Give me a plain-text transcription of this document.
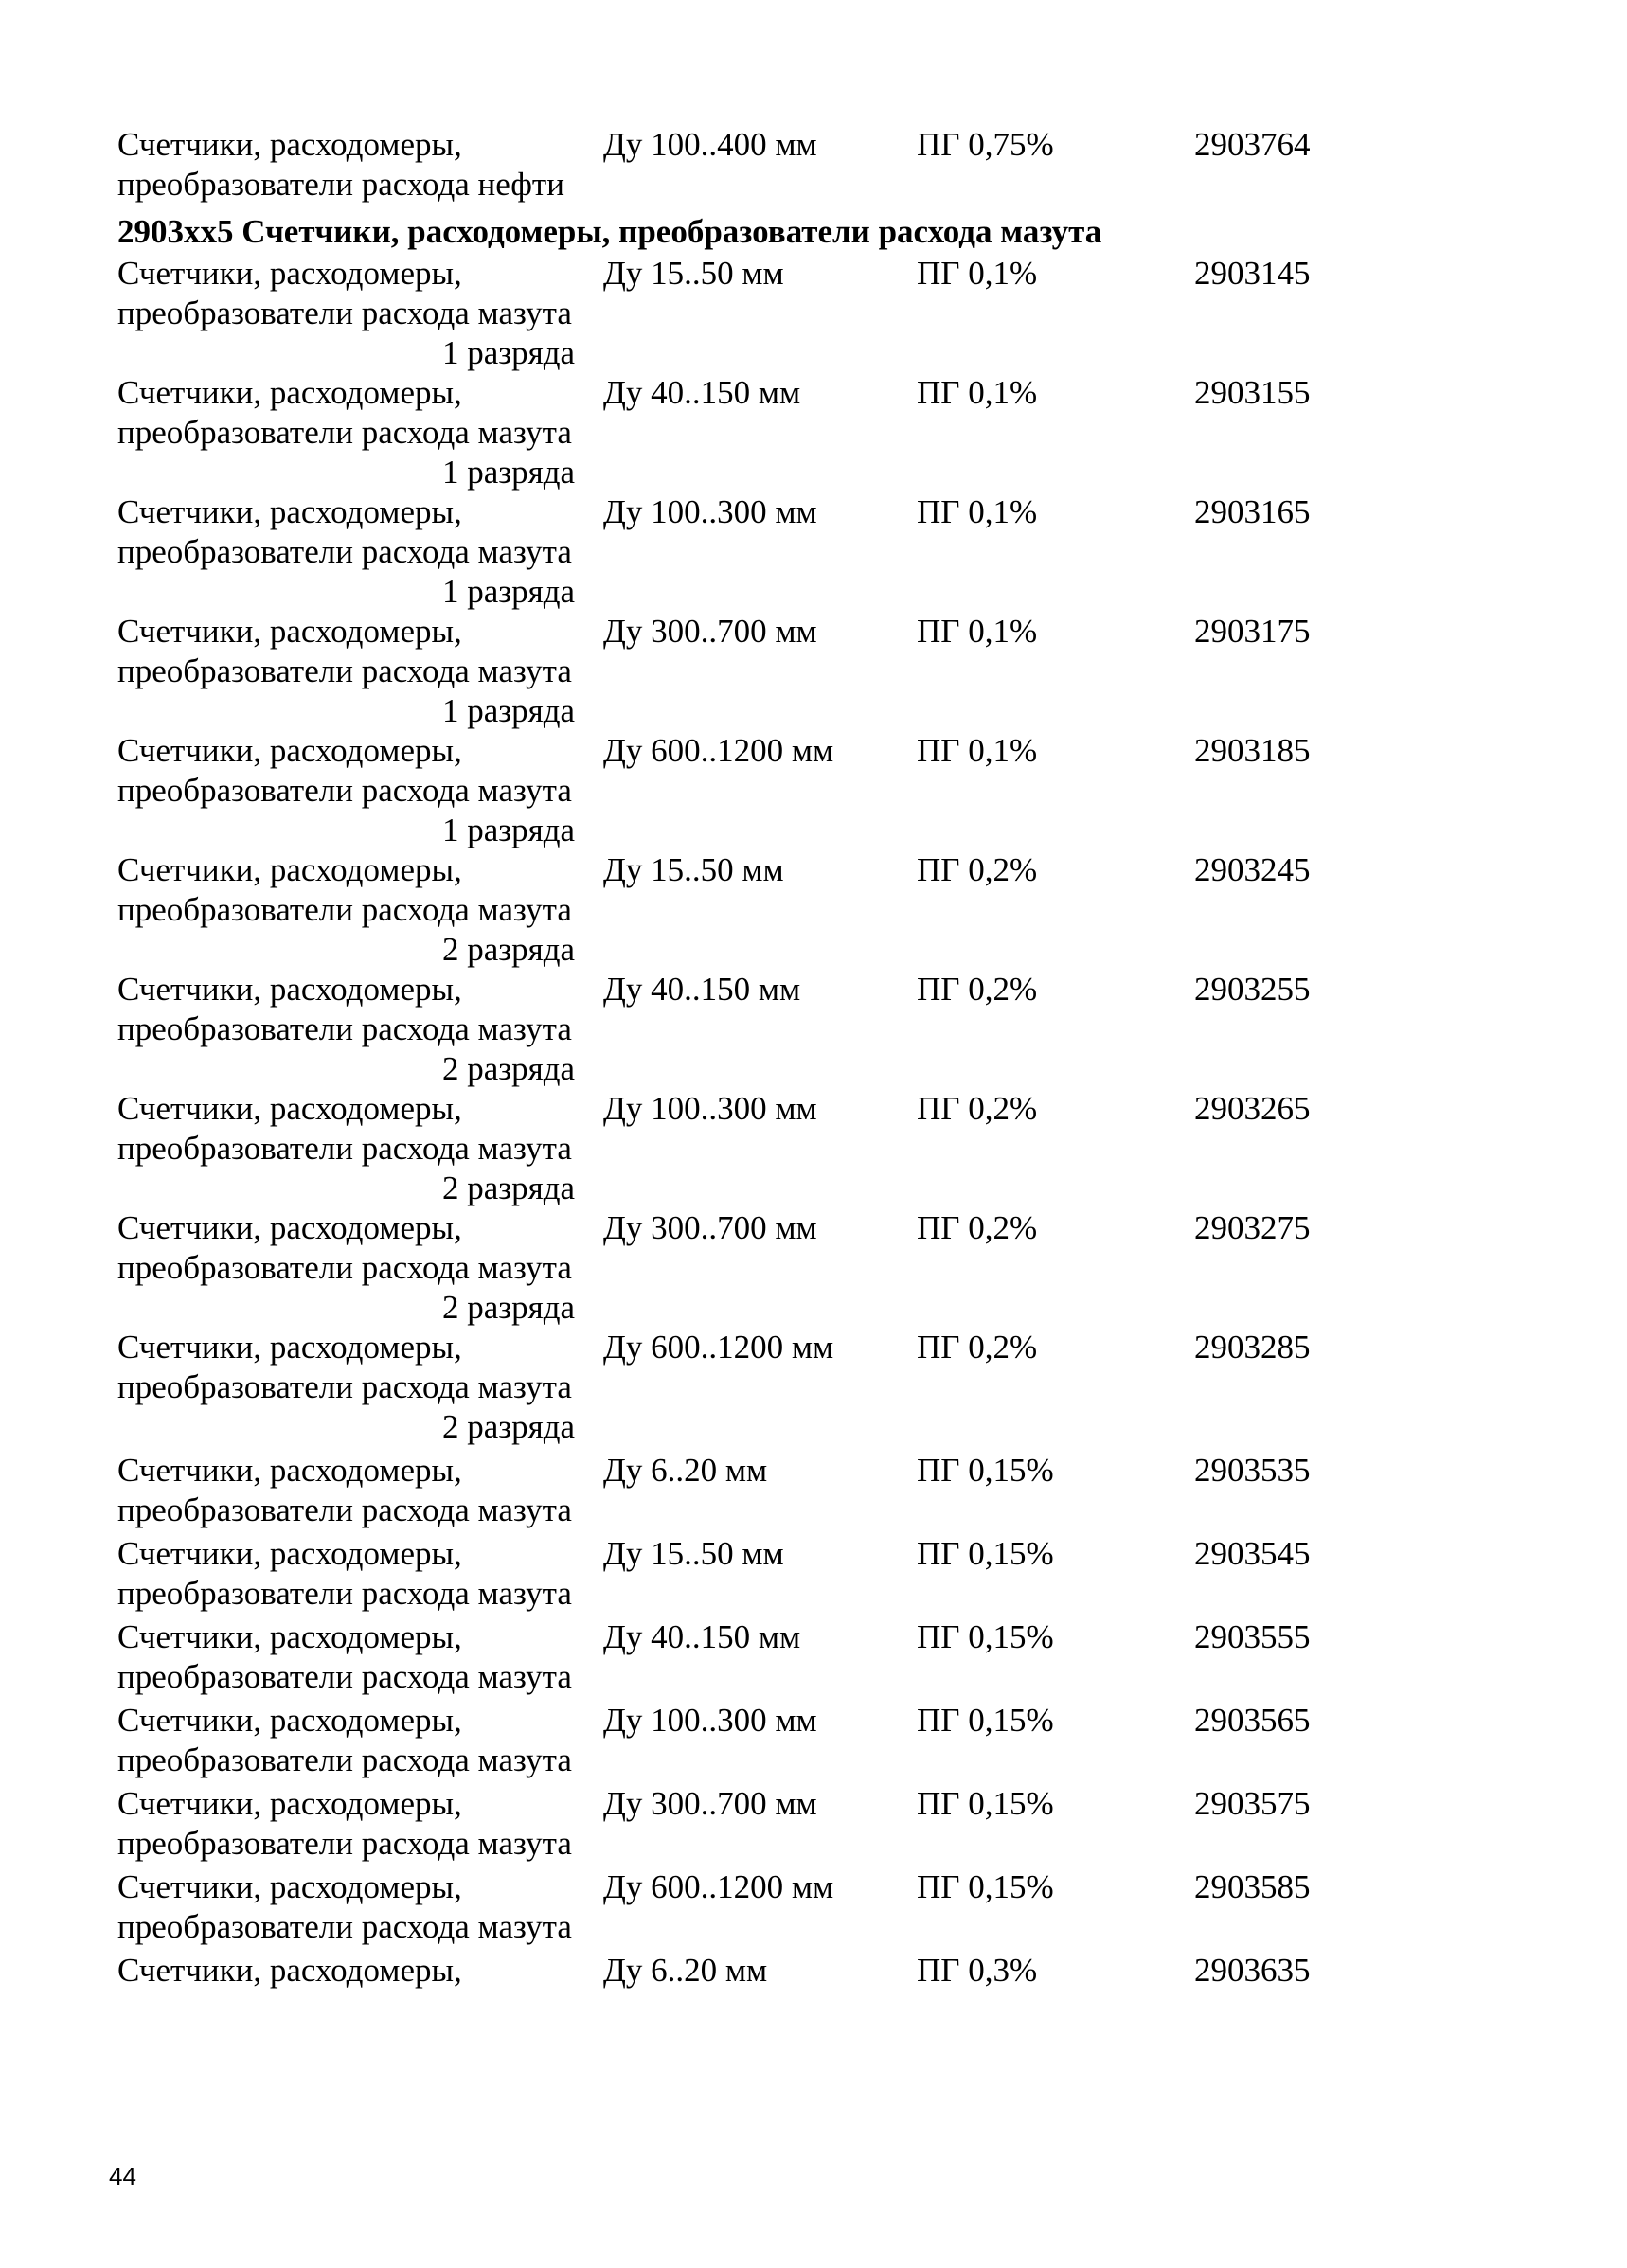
Счетчики, расходомеры,
преобразователи расхода нефти
Ду 100..400 мм	ПГ 0,75%	2903764
2903xx5 Счетчики, расходомеры, преобразователи расхода мазута
Счетчики, расходомеры,
преобразователи расхода мазута
1 разряда
Ду 15..50 мм	ПГ 0,1%	2903145
Счетчики, расходомеры,
преобразователи расхода мазута
1 разряда
Ду 40..150 мм	ПГ 0,1%	2903155
Счетчики, расходомеры,
преобразователи расхода мазута
1 разряда
Ду 100..300 мм	ПГ 0,1%	2903165
Счетчики, расходомеры,
преобразователи расхода мазута
1 разряда
Ду 300..700 мм	ПГ 0,1%	2903175
Счетчики, расходомеры,
преобразователи расхода мазута
1 разряда
Ду 600..1200 мм	ПГ 0,1%	2903185
Счетчики, расходомеры,
преобразователи расхода мазута
2 разряда
Ду 15..50 мм	ПГ 0,2%	2903245
Счетчики, расходомеры,
преобразователи расхода мазута
2 разряда
Ду 40..150 мм	ПГ 0,2%	2903255
Счетчики, расходомеры,
преобразователи расхода мазута
2 разряда
Ду 100..300 мм	ПГ 0,2%	2903265
Счетчики, расходомеры,
преобразователи расхода мазута
2 разряда
Ду 300..700 мм	ПГ 0,2%	2903275
Счетчики, расходомеры,
преобразователи расхода мазута
2 разряда
Ду 600..1200 мм	ПГ 0,2%	2903285
Счетчики, расходомеры,
преобразователи расхода мазута
Ду 6..20 мм	ПГ 0,15%	2903535
Счетчики, расходомеры,
преобразователи расхода мазута
Ду 15..50 мм	ПГ 0,15%	2903545
Счетчики, расходомеры,
преобразователи расхода мазута
Ду 40..150 мм	ПГ 0,15%	2903555
Счетчики, расходомеры,
преобразователи расхода мазута
Ду 100..300 мм	ПГ 0,15%	2903565
Счетчики, расходомеры,
преобразователи расхода мазута
Ду 300..700 мм	ПГ 0,15%	2903575
Счетчики, расходомеры,
преобразователи расхода мазута
Ду 600..1200 мм	ПГ 0,15%	2903585
Счетчики, расходомеры,	Ду 6..20 мм	ПГ 0,3%	2903635
44
